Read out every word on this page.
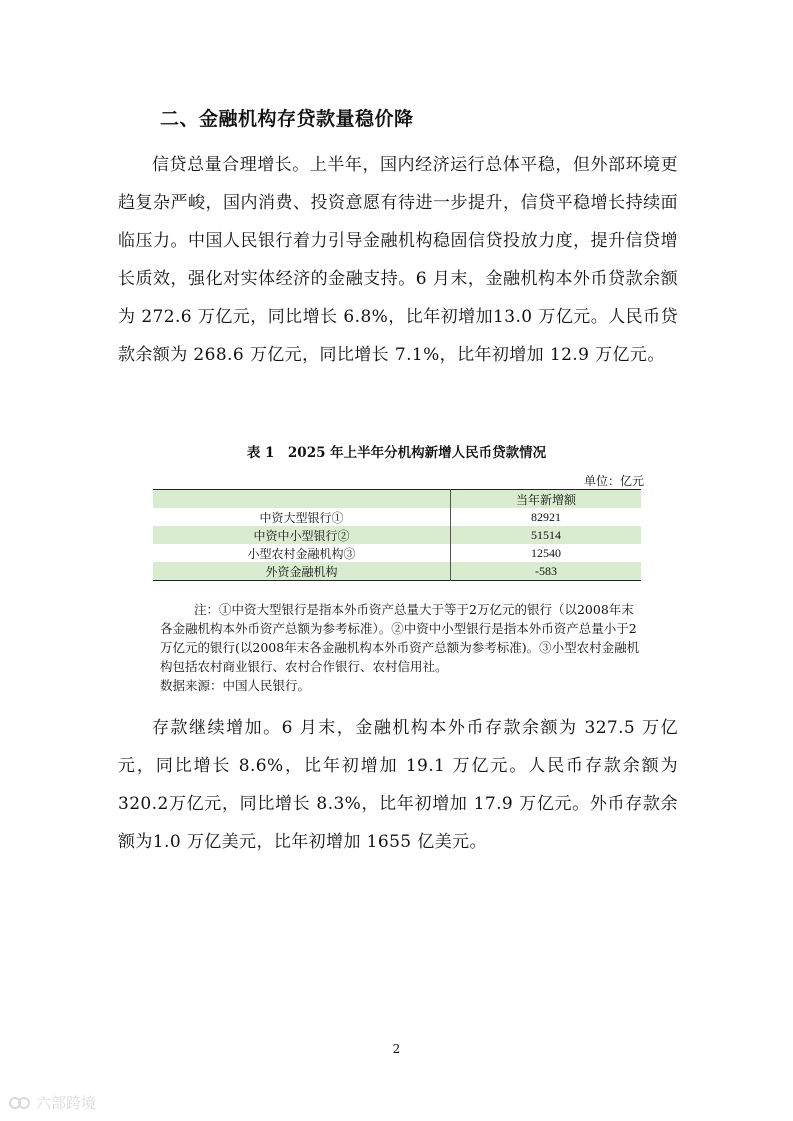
二、金融机构存贷款量稳价降

信贷总量合理增长。上半年，国内经济运行总体平稳，但外部环境更趋复杂严峻，国内消费、投资意愿有待进一步提升，信贷平稳增长持续面临压力。中国人民银行着力引导金融机构稳固信贷投放力度，提升信贷增长质效，强化对实体经济的金融支持。6 月末，金融机构本外币贷款余额为 272.6 万亿元，同比增长 6.8%，比年初增加13.0 万亿元。人民币贷款余额为 268.6 万亿元，同比增长 7.1%，比年初增加 12.9 万亿元。

表 1　2025 年上半年分机构新增人民币贷款情况
单位：亿元
	当年新增额
中资大型银行①	82921
中资中小型银行②	51514
小型农村金融机构③	12540
外资金融机构	-583

注：①中资大型银行是指本外币资产总量大于等于2万亿元的银行（以2008年末各金融机构本外币资产总额为参考标准）。②中资中小型银行是指本外币资产总量小于2万亿元的银行(以2008年末各金融机构本外币资产总额为参考标准)。③小型农村金融机构包括农村商业银行、农村合作银行、农村信用社。

数据来源：中国人民银行。

存款继续增加。6 月末，金融机构本外币存款余额为 327.5 万亿元，同比增长 8.6%，比年初增加 19.1 万亿元。人民币存款余额为 320.2万亿元，同比增长 8.3%，比年初增加 17.9 万亿元。外币存款余额为1.0 万亿美元，比年初增加 1655 亿美元。

2
六部跨境
